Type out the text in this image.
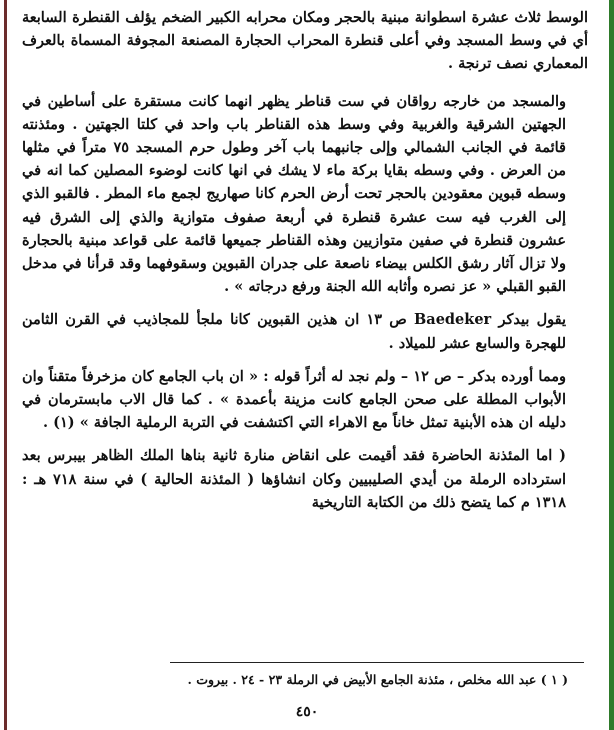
الوسط ثلاث عشرة اسطوانة مبنية بالحجر ومكان محرابه الكبير الضخم يؤلف القنطرة السابعة أي في وسط المسجد وفي أعلى قنطرة المحراب الحجارة المصنعة المجوفة المسماة بالعرف المعماري نصف ترنجة .

والمسجد من خارجه رواقان في ست قناطر يظهر انهما كانت مستقرة على أساطين في الجهتين الشرقية والغربية وفي وسط هذه القناطر باب واحد في كلتا الجهتين . ومئذنته قائمة في الجانب الشمالي وإلى جانبهما باب آخر وطول حرم المسجد ٧٥ متراً في مثلها من العرض . وفي وسطه بقايا بركة ماء لا يشك في انها كانت لوضوء المصلين كما انه في وسطه قبوين معقودين بالحجر تحت أرض الحرم كانا صهاريج لجمع ماء المطر . فالقبو الذي إلى الغرب فيه ست عشرة قنطرة في أربعة صفوف متوازية والذي إلى الشرق فيه عشرون قنطرة في صفين متوازيين وهذه القناطر جميعها قائمة على قواعد مبنية بالحجارة ولا تزال آثار رشق الكلس بيضاء ناصعة على جدران القبوين وسقوفهما وقد قرأنا في مدخل القبو القبلي « عز نصره وأثابه الله الجنة ورفع درجاته » .

يقول بيدكر Baedeker ص ١٣ ان هذين القبوين كانا ملجأ للمجاذيب في القرن الثامن للهجرة والسابع عشر للميلاد .

ومما أورده بدكر – ص ١٢ – ولم نجد له أثراً قوله : « ان باب الجامع كان مزخرفاً متقناً وان الأبواب المطلة على صحن الجامع كانت مزينة بأعمدة » . كما قال الاب مابسترمان في دليله ان هذه الأبنية تمثل خاناً مع الاهراء التي اكتشفت في التربة الرملية الجافة » (١) .

( اما المئذنة الحاضرة فقد أقيمت على انقاض منارة ثانية بناها الملك الظاهر بيبرس بعد استرداده الرملة من أيدي الصليبيين وكان انشاؤها ( المئذنة الحالية ) في سنة ٧١٨ هـ : ١٣١٨ م كما يتضح ذلك من الكتابة التاريخية

( ١ ) عبد الله مخلص ، مئذنة الجامع الأبيض في الرملة ٢٣ - ٢٤ . بيروت .
٤٥٠
